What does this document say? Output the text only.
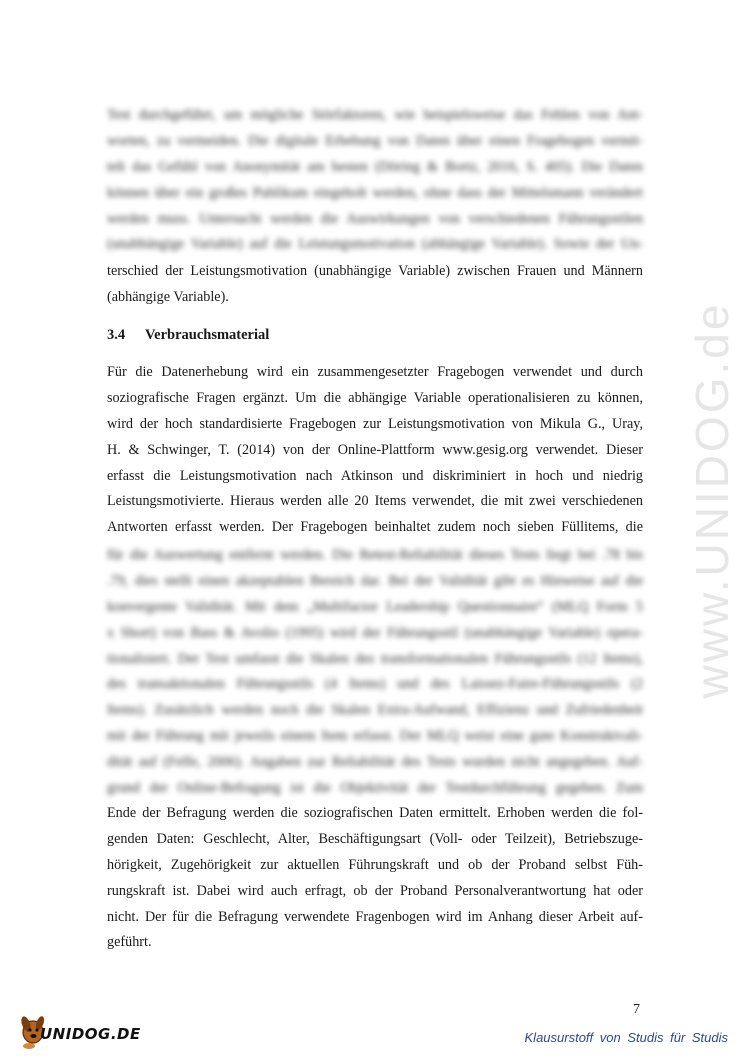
www.UNIDOG.de
Test durchgeführt, um mögliche Störfaktoren, wie beispielsweise das Fehlen von Ant-
worten, zu vermeiden. Die digitale Erhebung von Daten über einen Fragebogen vermit-
telt das Gefühl von Anonymität am besten (Döring & Bortz, 2016, S. 405). Die Daten
können über ein großes Publikum eingeholt werden, ohne dass der Mittelsmann verändert
werden muss. Untersucht werden die Auswirkungen von verschiedenen Führungsstilen
(unabhängige Variable) auf die Leistungsmotivation (abhängige Variable). Sowie der Un-
terschied der Leistungsmotivation (unabhängige Variable) zwischen Frauen und Männern
(abhängige Variable).
3.4 Verbrauchsmaterial
Für die Datenerhebung wird ein zusammengesetzter Fragebogen verwendet und durch
soziografische Fragen ergänzt. Um die abhängige Variable operationalisieren zu können,
wird der hoch standardisierte Fragebogen zur Leistungsmotivation von Mikula G., Uray,
H. & Schwinger, T. (2014) von der Online-Plattform www.gesig.org verwendet. Dieser
erfasst die Leistungsmotivation nach Atkinson und diskriminiert in hoch und niedrig
Leistungsmotivierte. Hieraus werden alle 20 Items verwendet, die mit zwei verschiedenen
Antworten erfasst werden. Der Fragebogen beinhaltet zudem noch sieben Füllitems, die
für die Auswertung entfernt werden. Die Retest-Reliabilität dieses Tests liegt bei .78 bis
.79, dies stellt einen akzeptablen Bereich dar. Bei der Validität gibt es Hinweise auf die
konvergente Validität. Mit dem „Multifactor Leadership Questionnaire“ (MLQ Form 5
x Short) von Bass & Avolio (1995) wird der Führungsstil (unabhängige Variable) opera-
tionalisiert. Der Test umfasst die Skalen des transformationalen Führungsstils (12 Items),
des transaktionalen Führungsstils (4 Items) und des Laissez-Faire-Führungsstils (2
Items). Zusätzlich werden noch die Skalen Extra-Aufwand, Effizienz und Zufriedenheit
mit der Führung mit jeweils einem Item erfasst. Der MLQ weist eine gute Konstruktvali-
dität auf (Felfe, 2006). Angaben zur Reliabilität des Tests wurden nicht angegeben. Auf-
grund der Online-Befragung ist die Objektivität der Testdurchführung gegeben. Zum
Ende der Befragung werden die soziografischen Daten ermittelt. Erhoben werden die fol-
genden Daten: Geschlecht, Alter, Beschäftigungsart (Voll- oder Teilzeit), Betriebszuge-
hörigkeit, Zugehörigkeit zur aktuellen Führungskraft und ob der Proband selbst Füh-
rungskraft ist. Dabei wird auch erfragt, ob der Proband Personalverantwortung hat oder
nicht. Der für die Befragung verwendete Fragenbogen wird im Anhang dieser Arbeit auf-
geführt.
7
UNIDOG.DE	Klausurstoff von Studis für Studis
